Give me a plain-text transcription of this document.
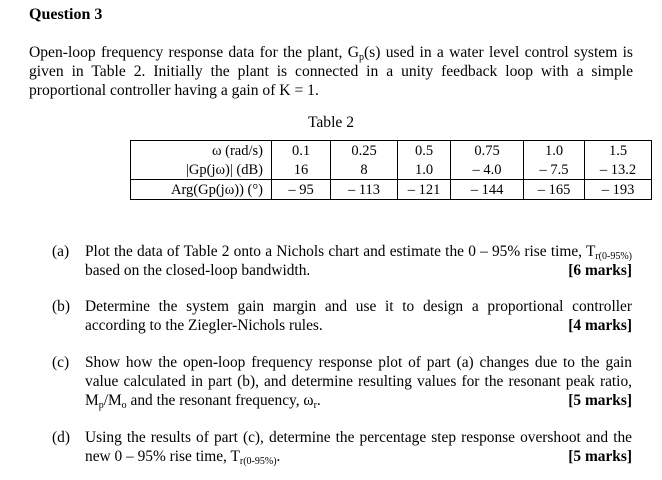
Question 3
Open-loop frequency response data for the plant, $G_p(s)$ used in a water level control system is given in Table 2. Initially the plant is connected in a unity feedback loop with a simple proportional controller having a gain of K = 1.
Table 2
ω (rad/s)	0.1	0.25	0.5	0.75	1.0	1.5
|Gp(jω)| (dB)	16	8	1.0	– 4.0	– 7.5	– 13.2
Arg(Gp(jω)) (°)	– 95	– 113	– 121	– 144	– 165	– 193
(a) Plot the data of Table 2 onto a Nichols chart and estimate the 0 – 95% rise time, $T_{r(0-95\%)}$ based on the closed-loop bandwidth.	[6 marks]
(b) Determine the system gain margin and use it to design a proportional controller according to the Ziegler-Nichols rules.	[4 marks]
(c) Show how the open-loop frequency response plot of part (a) changes due to the gain value calculated in part (b), and determine resulting values for the resonant peak ratio, $M_p/M_o$ and the resonant frequency, $\omega_r$.	[5 marks]
(d) Using the results of part (c), determine the percentage step response overshoot and the new 0 – 95% rise time, $T_{r(0-95\%)}$.	[5 marks]
